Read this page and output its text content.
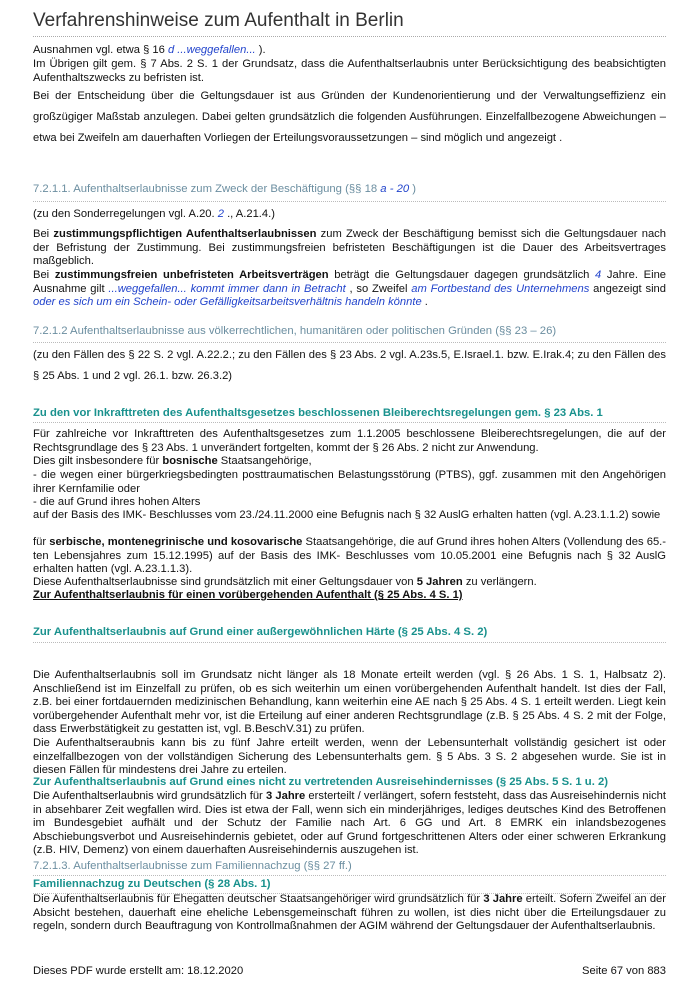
Verfahrenshinweise zum Aufenthalt in Berlin
Ausnahmen vgl. etwa § 16 d ...weggefallen... ).
Im Übrigen gilt gem. § 7 Abs. 2 S. 1 der Grundsatz, dass die Aufenthaltserlaubnis unter Berücksichtigung des beabsichtigten Aufenthaltszwecks zu befristen ist.
Bei der Entscheidung über die Geltungsdauer ist aus Gründen der Kundenorientierung und der Verwaltungseffizienz ein großzügiger Maßstab anzulegen. Dabei gelten grundsätzlich die folgenden Ausführungen. Einzelfallbezogene Abweichungen – etwa bei Zweifeln am dauerhaften Vorliegen der Erteilungsvoraussetzungen – sind möglich und angezeigt .
7.2.1.1. Aufenthaltserlaubnisse zum Zweck der Beschäftigung (§§ 18 a - 20 )
(zu den Sonderregelungen vgl. A.20. 2 ., A.21.4.)
Bei zustimmungspflichtigen Aufenthaltserlaubnissen zum Zweck der Beschäftigung bemisst sich die Geltungsdauer nach der Befristung der Zustimmung. Bei zustimmungsfreien befristeten Beschäftigungen ist die Dauer des Arbeitsvertrages maßgeblich.
Bei zustimmungsfreien unbefristeten Arbeitsverträgen beträgt die Geltungsdauer dagegen grundsätzlich 4 Jahre. Eine Ausnahme gilt ...weggefallen... kommt immer dann in Betracht , so Zweifel am Fortbestand des Unternehmens angezeigt sind oder es sich um ein Schein- oder Gefälligkeitsarbeitsverhältnis handeln könnte .
7.2.1.2 Aufenthaltserlaubnisse aus völkerrechtlichen, humanitären oder politischen Gründen (§§ 23 – 26)
(zu den Fällen des § 22 S. 2 vgl. A.22.2.; zu den Fällen des § 23 Abs. 2 vgl. A.23s.5, E.Israel.1. bzw. E.Irak.4; zu den Fällen des § 25 Abs. 1 und 2 vgl. 26.1. bzw. 26.3.2)
Zu den vor Inkrafttreten des Aufenthaltsgesetzes beschlossenen Bleiberechtsregelungen gem. § 23 Abs. 1
Für zahlreiche vor Inkrafttreten des Aufenthaltsgesetzes zum 1.1.2005 beschlossene Bleiberechtsregelungen, die auf der Rechtsgrundlage des § 23 Abs. 1 unverändert fortgelten, kommt der § 26 Abs. 2 nicht zur Anwendung.
Dies gilt insbesondere für bosnische Staatsangehörige,
- die wegen einer bürgerkriegsbedingten posttraumatischen Belastungsstörung (PTBS), ggf. zusammen mit den Angehörigen ihrer Kernfamilie oder
- die auf Grund ihres hohen Alters
auf der Basis des IMK- Beschlusses vom 23./24.11.2000 eine Befugnis nach § 32 AuslG erhalten hatten (vgl. A.23.1.1.2) sowie
für serbische, montenegrinische und kosovarische Staatsangehörige, die auf Grund ihres hohen Alters (Vollendung des 65.-ten Lebensjahres zum 15.12.1995) auf der Basis des IMK- Beschlusses vom 10.05.2001 eine Befugnis nach § 32 AuslG erhalten hatten (vgl. A.23.1.1.3).
Diese Aufenthaltserlaubnisse sind grundsätzlich mit einer Geltungsdauer von 5 Jahren zu verlängern.
Zur Aufenthaltserlaubnis für einen vorübergehenden Aufenthalt (§ 25 Abs. 4 S. 1)
Zur Aufenthaltserlaubnis auf Grund einer außergewöhnlichen Härte (§ 25 Abs. 4 S. 2)
Die Aufenthaltserlaubnis soll im Grundsatz nicht länger als 18 Monate erteilt werden (vgl. § 26 Abs. 1 S. 1, Halbsatz 2). Anschließend ist im Einzelfall zu prüfen, ob es sich weiterhin um einen vorübergehenden Aufenthalt handelt. Ist dies der Fall, z.B. bei einer fortdauernden medizinischen Behandlung, kann weiterhin eine AE nach § 25 Abs. 4 S. 1 erteilt werden. Liegt kein vorübergehender Aufenthalt mehr vor, ist die Erteilung auf einer anderen Rechtsgrundlage (z.B. § 25 Abs. 4 S. 2 mit der Folge, dass Erwerbstätigkeit zu gestatten ist, vgl. B.BeschV.31) zu prüfen.
Die Aufenthaltseraubnis kann bis zu fünf Jahre erteilt werden, wenn der Lebensunterhalt vollständig gesichert ist oder einzelfallbezogen von der vollständigen Sicherung des Lebensunterhalts gem. § 5 Abs. 3 S. 2 abgesehen wurde. Sie ist in diesen Fällen für mindestens drei Jahre zu erteilen.
Zur Aufenthaltserlaubnis auf Grund eines nicht zu vertretenden Ausreisehindernisses (§ 25 Abs. 5 S. 1 u. 2)
Die Aufenthaltserlaubnis wird grundsätzlich für 3 Jahre ersterteilt / verlängert, sofern feststeht, dass das Ausreisehindernis nicht in absehbarer Zeit wegfallen wird. Dies ist etwa der Fall, wenn sich ein minderjähriges, lediges deutsches Kind des Betroffenen im Bundesgebiet aufhält und der Schutz der Familie nach Art. 6 GG und Art. 8 EMRK ein inlandsbezogenes Abschiebungsverbot und Ausreisehindernis gebietet, oder auf Grund fortgeschrittenen Alters oder einer schweren Erkrankung (z.B. HIV, Demenz) von einem dauerhaften Ausreisehindernis auszugehen ist.
7.2.1.3. Aufenthaltserlaubnisse zum Familiennachzug (§§ 27 ff.)
Familiennachzug zu Deutschen (§ 28 Abs. 1)
Die Aufenthaltserlaubnis für Ehegatten deutscher Staatsangehöriger wird grundsätzlich für 3 Jahre erteilt. Sofern Zweifel an der Absicht bestehen, dauerhaft eine eheliche Lebensgemeinschaft führen zu wollen, ist dies nicht über die Erteilungsdauer zu regeln, sondern durch Beauftragung von Kontrollmaßnahmen der AGIM während der Geltungsdauer der Aufenthaltserlaubnis.
Dieses PDF wurde erstellt am: 18.12.2020	Seite 67 von 883
